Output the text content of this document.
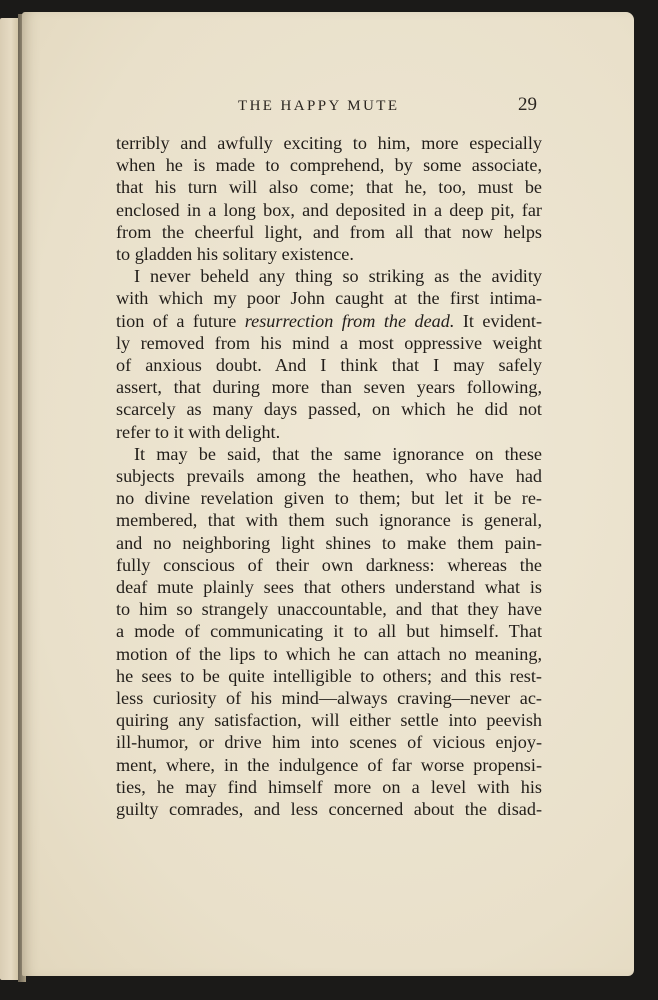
THE HAPPY MUTE	29
terribly and awfully exciting to him, more especially
when he is made to comprehend, by some associate,
that his turn will also come; that he, too, must be
enclosed in a long box, and deposited in a deep pit, far
from the cheerful light, and from all that now helps
to gladden his solitary existence.
I never beheld any thing so striking as the avidity
with which my poor John caught at the first intima-
tion of a future resurrection from the dead. It evident-
ly removed from his mind a most oppressive weight
of anxious doubt. And I think that I may safely
assert, that during more than seven years following,
scarcely as many days passed, on which he did not
refer to it with delight.
It may be said, that the same ignorance on these
subjects prevails among the heathen, who have had
no divine revelation given to them; but let it be re-
membered, that with them such ignorance is general,
and no neighboring light shines to make them pain-
fully conscious of their own darkness: whereas the
deaf mute plainly sees that others understand what is
to him so strangely unaccountable, and that they have
a mode of communicating it to all but himself. That
motion of the lips to which he can attach no meaning,
he sees to be quite intelligible to others; and this rest-
less curiosity of his mind—always craving—never ac-
quiring any satisfaction, will either settle into peevish
ill-humor, or drive him into scenes of vicious enjoy-
ment, where, in the indulgence of far worse propensi-
ties, he may find himself more on a level with his
guilty comrades, and less concerned about the disad-
